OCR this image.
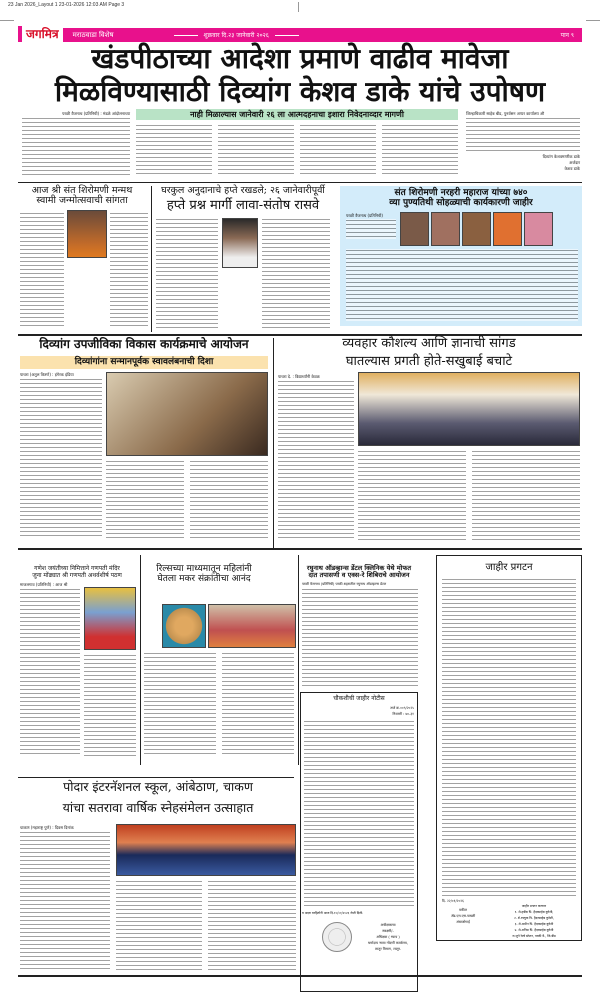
23 Jan 2026_Layout 1 23-01-2026 12:03 AM Page 3
जगमित्र	मराठवाडा विशेष	शुक्रवार दि.२३ जानेवारी २०२६	पान ९
खंडपीठाच्या आदेशा प्रमाणे वाढीव मावेजा
मिळविण्यासाठी दिव्यांग केशव डाके यांचे उपोषण
परळी वैजनाथ (प्रतिनिधी) : मंडळे आंदोलनाच्या	नाही मिळाल्यास जानेवारी २६ ला आत्मदहनाचा इशारा निवेदनाव्दार मागणी	जिल्हाधिकारी साहेब बीड, पुनर्वसन अप्पर कार्यालय औ
दिव्यांग केशवमाणीक डाके
अर्जदार
केशव डाके
आज श्री संत शिरोमणी मन्मथ
स्वामी जन्मोत्सवाची सांगता
घरकुल अनुदानाचे हप्ते रखडले; २६ जानेवारीपूर्वी
हप्ते प्रश्न मार्गी लावा-संतोष रासवे
संत शिरोमणी नरहरी महाराज यांच्या ७४०
व्या पुण्यतिथी सोहळ्याची कार्यकारणी जाहीर
परळी वैजनाथ (प्रतिनिधी)
दिव्यांग उपजीविका विकास कार्यक्रमाचे आयोजन
दिव्यांगांना सन्मानपूर्वक स्वावलंबनाची दिशा
पाथरा (अतुल किरणे) : हंगेरक इंडिया
व्यवहार कौशल्य आणि ज्ञानाची सांगड
घातल्यास प्रगती होते-सखुबाई बचाटे
पाथरा दे. : विद्यार्थ्यांनी केवळ
गणेश जयंतीच्या निमित्ताने गणपती मंदिर
जुना मोंढ्यात श्री गणपती अथर्वशीर्ष पठण
माजलगाव (प्रतिनिधी) : आज श्री
रिल्सच्या माध्यमातून महिलांनी
घेतला मकर संक्रांतीचा आनंद
रघुनाथ ऑडव्हान्स डेंटल क्लिनिक येथे मोफत
दात तपासणी व एक्स-रे शिबिराचे आयोजन
परळी वैजनाथ (प्रतिनिधी) परळी शहरातील रघुनाथ ऑडव्हान्स डेंटल
चौकशीची जाहीर नोटीस
अर्ज क्र.००९/२०२५
निशाणी : ७०-३१
व आज्ञा वरहितोंनी आज दि.१०/०१/२०२६ रोजी दिली.
अधीक्षकाचा
स्वाक्षरी/-
अधिक्षक ( भ्याय )
धर्मादाय भ्याय नोंदणी कार्यालय,
लातूर विभाग, लातूर.
जाहीर प्रगटन
दि. २२/०१/२०२६
वकील
ॲड.एम.एस.पाखरी
अंबाजोगाई
जाहीर प्रगटन करणार
१. शे.हबीब पि. हैदरसाहेब कुरेशी,
२. शे.रफ्युक पि. हैदरसाहेब कुरेशी,
३. शे.अमीन पि. हैदरसाहेब कुरेशी
४. शे.अनिस पि. हैदरसाहेब कुरेशी
रा.जुने रेल्वे स्टेशन, परळी वै., जि.बीड
पोदार इंटरनॅशनल स्कूल, आंबेठाण, चाकण
यांचा सतरावा वार्षिक स्नेहसंमेलन उत्साहात
चाकण (महाराष्ट्र पुणे) : दिवस दिनांक
